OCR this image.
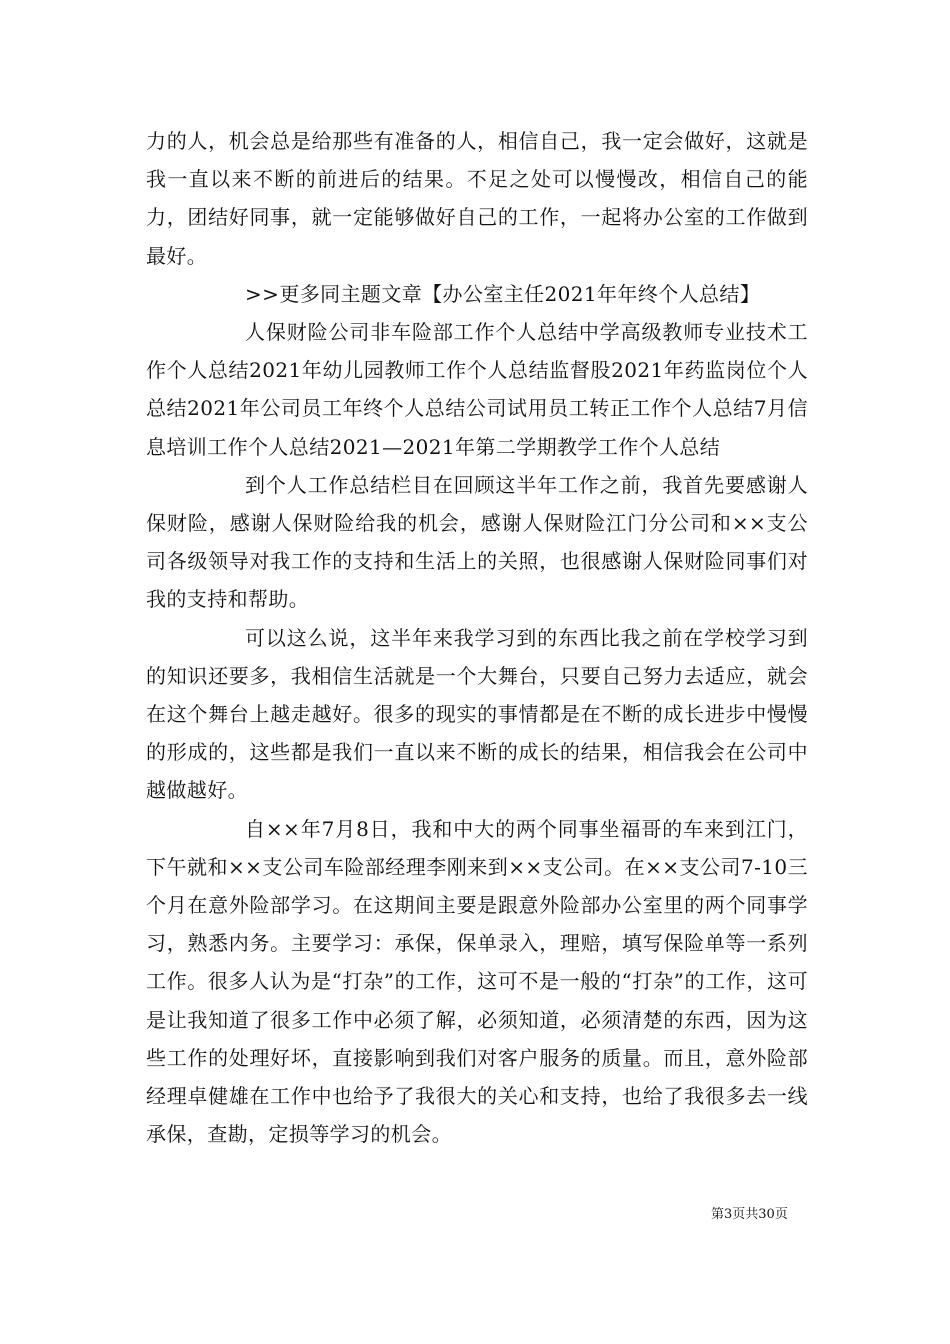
力的人，机会总是给那些有准备的人，相信自己，我一定会做好，这就是我一直以来不断的前进后的结果。不足之处可以慢慢改，相信自己的能力，团结好同事，就一定能够做好自己的工作，一起将办公室的工作做到最好。

>>更多同主题文章【办公室主任2021年年终个人总结】

人保财险公司非车险部工作个人总结中学高级教师专业技术工作个人总结2021年幼儿园教师工作个人总结监督股2021年药监岗位个人总结2021年公司员工年终个人总结公司试用员工转正工作个人总结7月信息培训工作个人总结2021—2021年第二学期教学工作个人总结

到个人工作总结栏目在回顾这半年工作之前，我首先要感谢人保财险，感谢人保财险给我的机会，感谢人保财险江门分公司和××支公司各级领导对我工作的支持和生活上的关照，也很感谢人保财险同事们对我的支持和帮助。

可以这么说，这半年来我学习到的东西比我之前在学校学习到的知识还要多，我相信生活就是一个大舞台，只要自己努力去适应，就会在这个舞台上越走越好。很多的现实的事情都是在不断的成长进步中慢慢的形成的，这些都是我们一直以来不断的成长的结果，相信我会在公司中越做越好。

自××年7月8日，我和中大的两个同事坐福哥的车来到江门，下午就和××支公司车险部经理李刚来到××支公司。在××支公司7-10三个月在意外险部学习。在这期间主要是跟意外险部办公室里的两个同事学习，熟悉内务。主要学习：承保，保单录入，理赔，填写保险单等一系列工作。很多人认为是“打杂”的工作，这可不是一般的“打杂”的工作，这可是让我知道了很多工作中必须了解，必须知道，必须清楚的东西，因为这些工作的处理好坏，直接影响到我们对客户服务的质量。而且，意外险部经理卓健雄在工作中也给予了我很大的关心和支持，也给了我很多去一线承保，查勘，定损等学习的机会。

第3页共30页
